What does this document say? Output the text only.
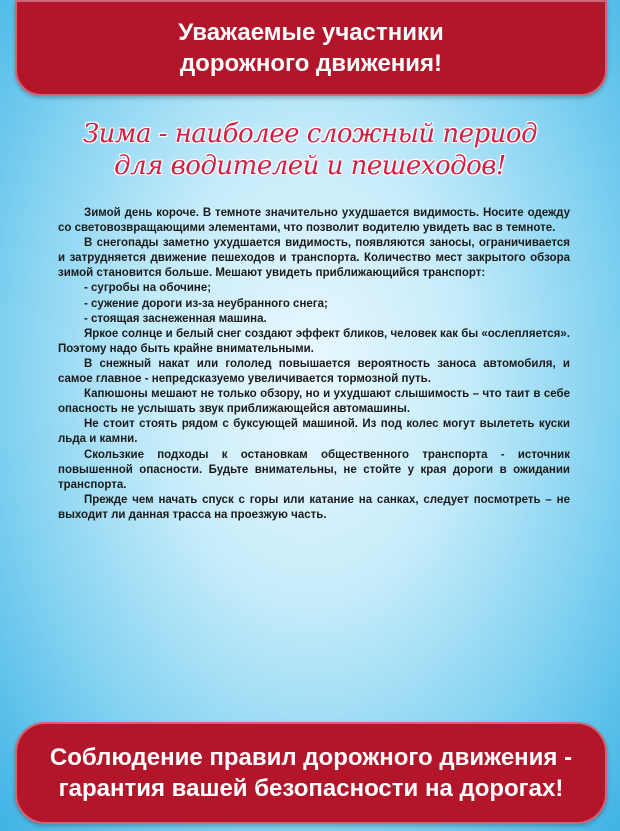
Уважаемые участники
дорожного движения!
Зима - наиболее сложный период
для водителей и пешеходов!

Зимой день короче. В темноте значительно ухудшается видимость. Носите одежду со световозвращающими элементами, что позволит водителю увидеть вас в темноте.

В снегопады заметно ухудшается видимость, появляются заносы, ограничивается и затрудняется движение пешеходов и транспорта. Количество мест закрытого обзора зимой становится больше. Мешают увидеть приближающийся транспорт:

- сугробы на обочине;

- сужение дороги из-за неубранного снега;

- стоящая заснеженная машина.

Яркое солнце и белый снег создают эффект бликов, человек как бы «ослепляется». Поэтому надо быть крайне внимательными.

В снежный накат или гололед повышается вероятность заноса автомобиля, и самое главное - непредсказуемо увеличивается тормозной путь.

Капюшоны мешают не только обзору, но и ухудшают слышимость – что таит в себе опасность не услышать звук приближающейся автомашины.

Не стоит стоять рядом с буксующей машиной. Из под колес могут вылететь куски льда и камни.

Скользкие подходы к остановкам общественного транспорта - источник повышенной опасности. Будьте внимательны, не стойте у края дороги в ожидании транспорта.

Прежде чем начать спуск с горы или катание на санках, следует посмотреть – не выходит ли данная трасса на проезжую часть.

Соблюдение правил дорожного движения -
гарантия вашей безопасности на дорогах!
